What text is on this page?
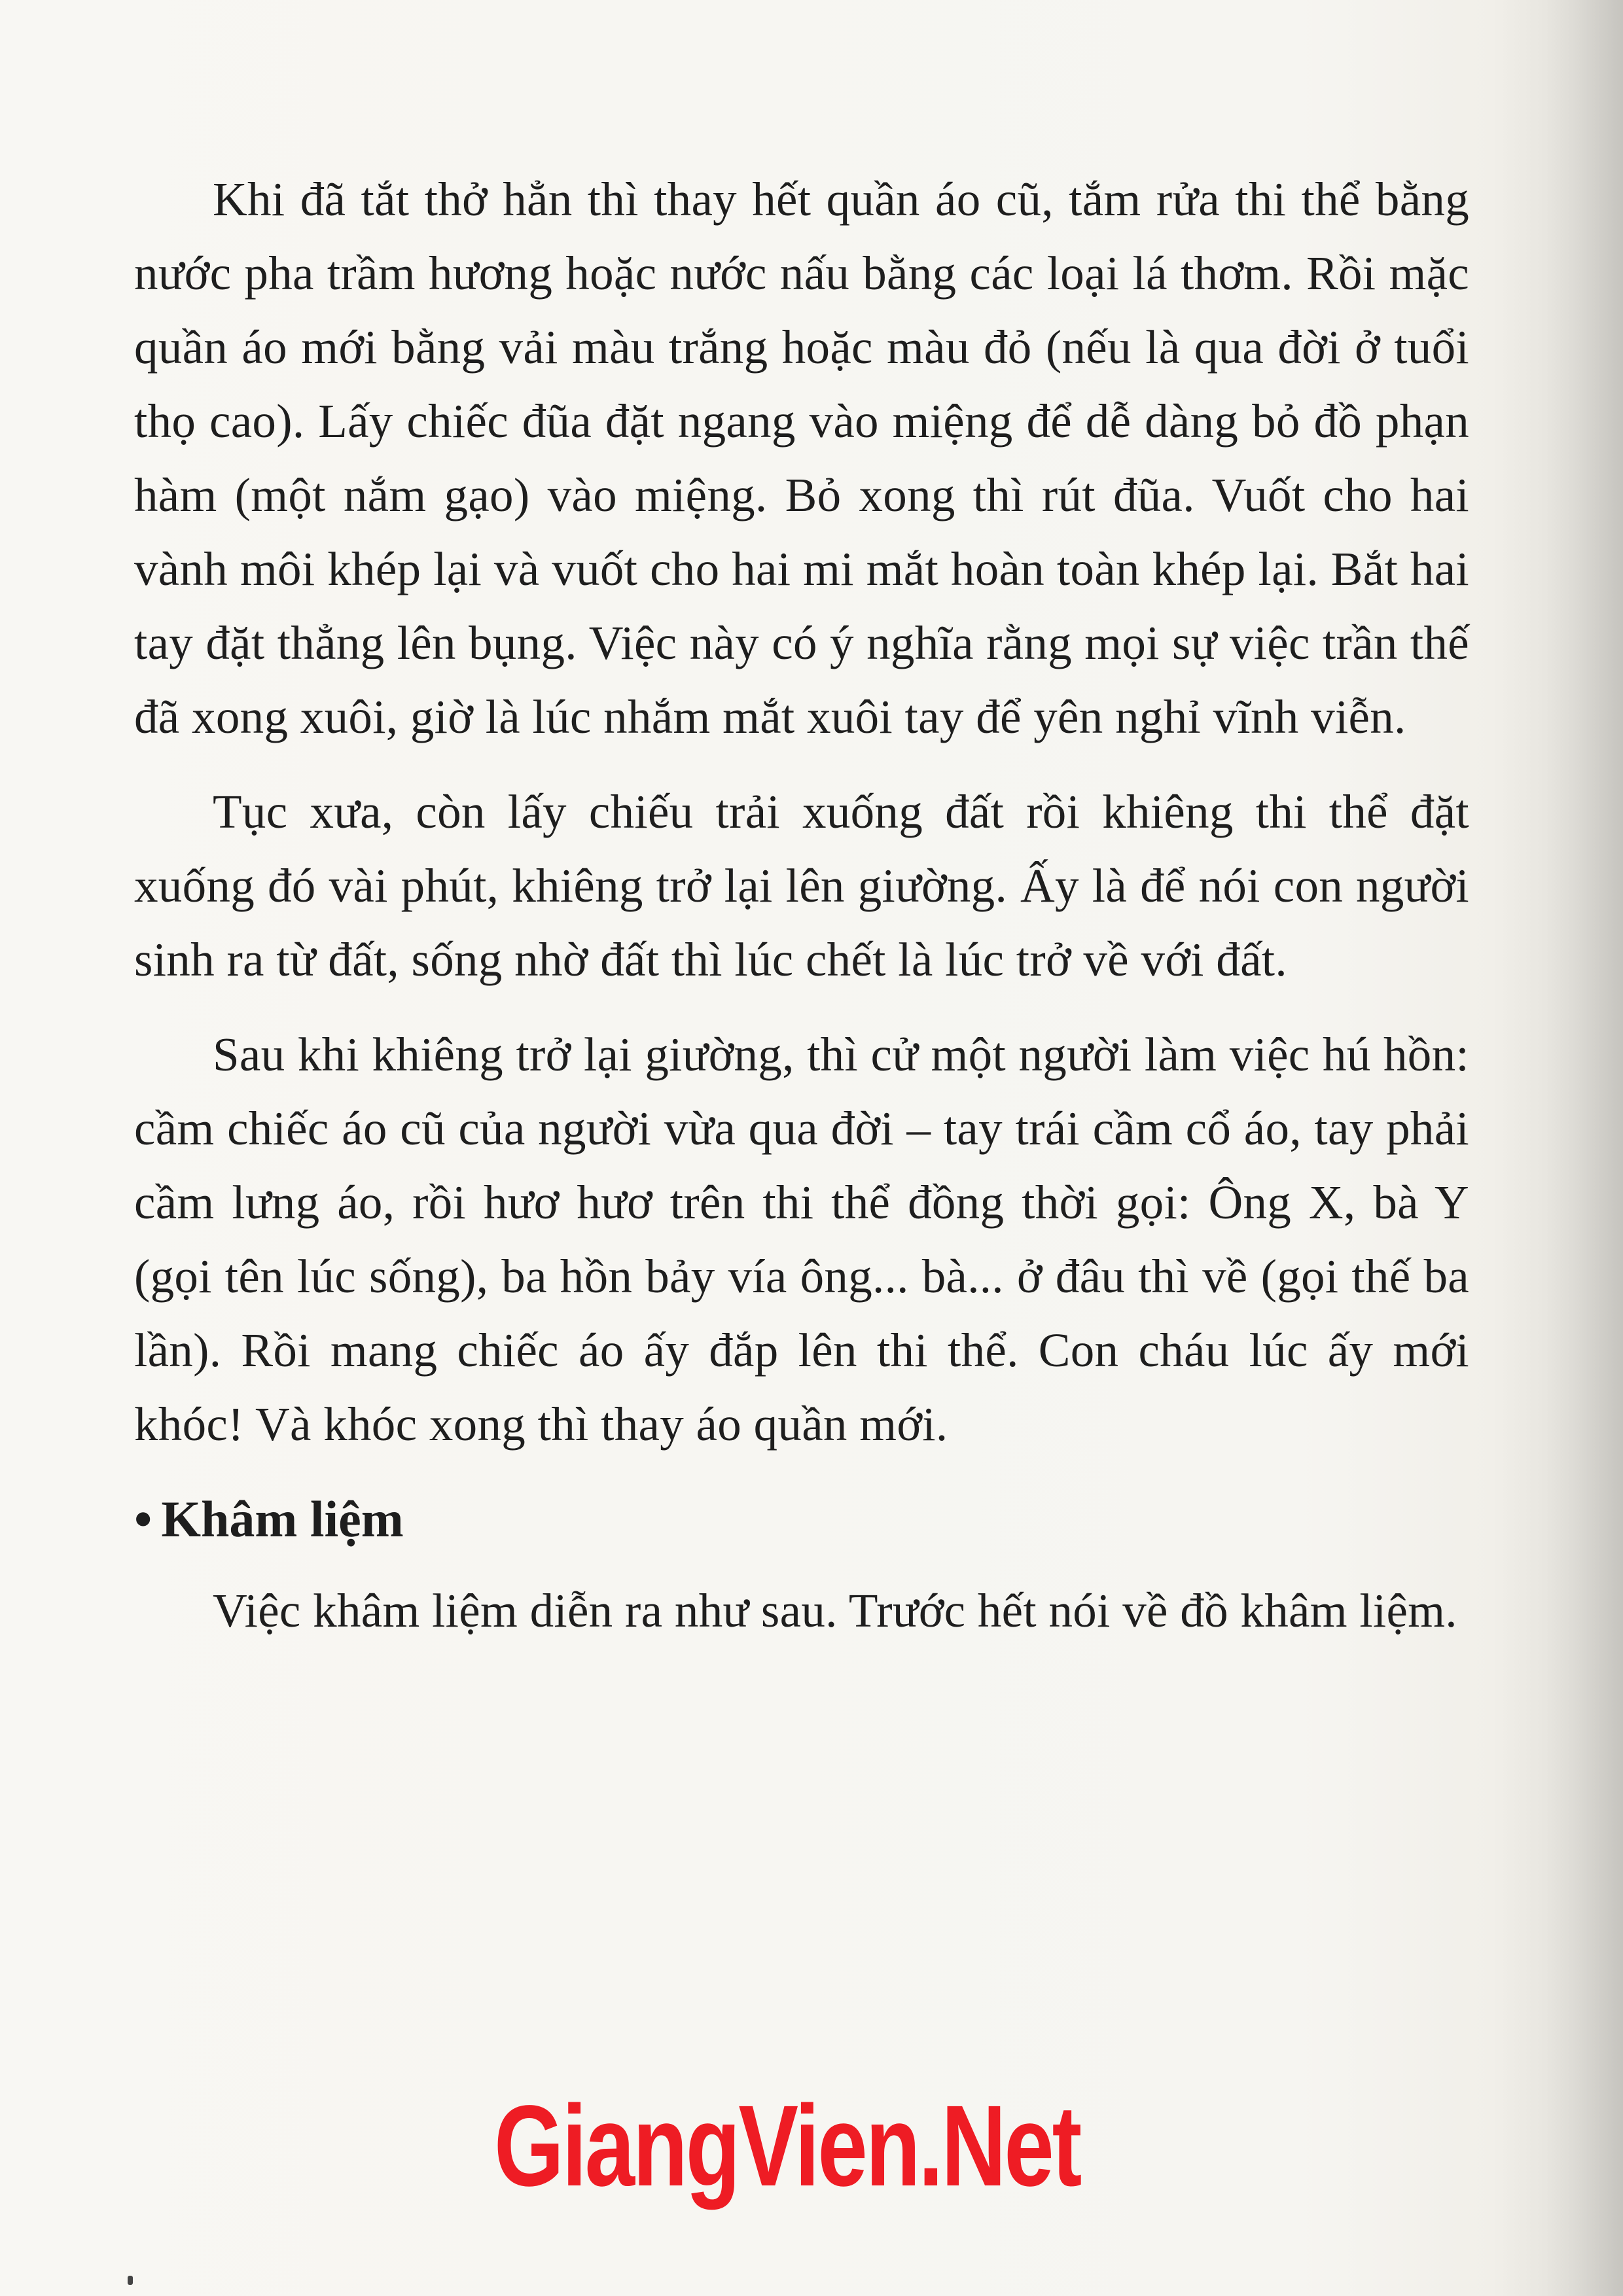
Khi đã tắt thở hẳn thì thay hết quần áo cũ, tắm rửa thi thể bằng nước pha trầm hương hoặc nước nấu bằng các loại lá thơm. Rồi mặc quần áo mới bằng vải màu trắng hoặc màu đỏ (nếu là qua đời ở tuổi thọ cao). Lấy chiếc đũa đặt ngang vào miệng để dễ dàng bỏ đồ phạn hàm (một nắm gạo) vào miệng. Bỏ xong thì rút đũa. Vuốt cho hai vành môi khép lại và vuốt cho hai mi mắt hoàn toàn khép lại. Bắt hai tay đặt thẳng lên bụng. Việc này có ý nghĩa rằng mọi sự việc trần thế đã xong xuôi, giờ là lúc nhắm mắt xuôi tay để yên nghỉ vĩnh viễn.

Tục xưa, còn lấy chiếu trải xuống đất rồi khiêng thi thể đặt xuống đó vài phút, khiêng trở lại lên giường. Ấy là để nói con người sinh ra từ đất, sống nhờ đất thì lúc chết là lúc trở về với đất.

Sau khi khiêng trở lại giường, thì cử một người làm việc hú hồn: cầm chiếc áo cũ của người vừa qua đời – tay trái cầm cổ áo, tay phải cầm lưng áo, rồi hươ hươ trên thi thể đồng thời gọi: Ông X, bà Y (gọi tên lúc sống), ba hồn bảy vía ông... bà... ở đâu thì về (gọi thế ba lần). Rồi mang chiếc áo ấy đắp lên thi thể. Con cháu lúc ấy mới khóc! Và khóc xong thì thay áo quần mới.

• Khâm liệm

Việc khâm liệm diễn ra như sau. Trước hết nói về đồ khâm liệm.

GiangVien.Net
